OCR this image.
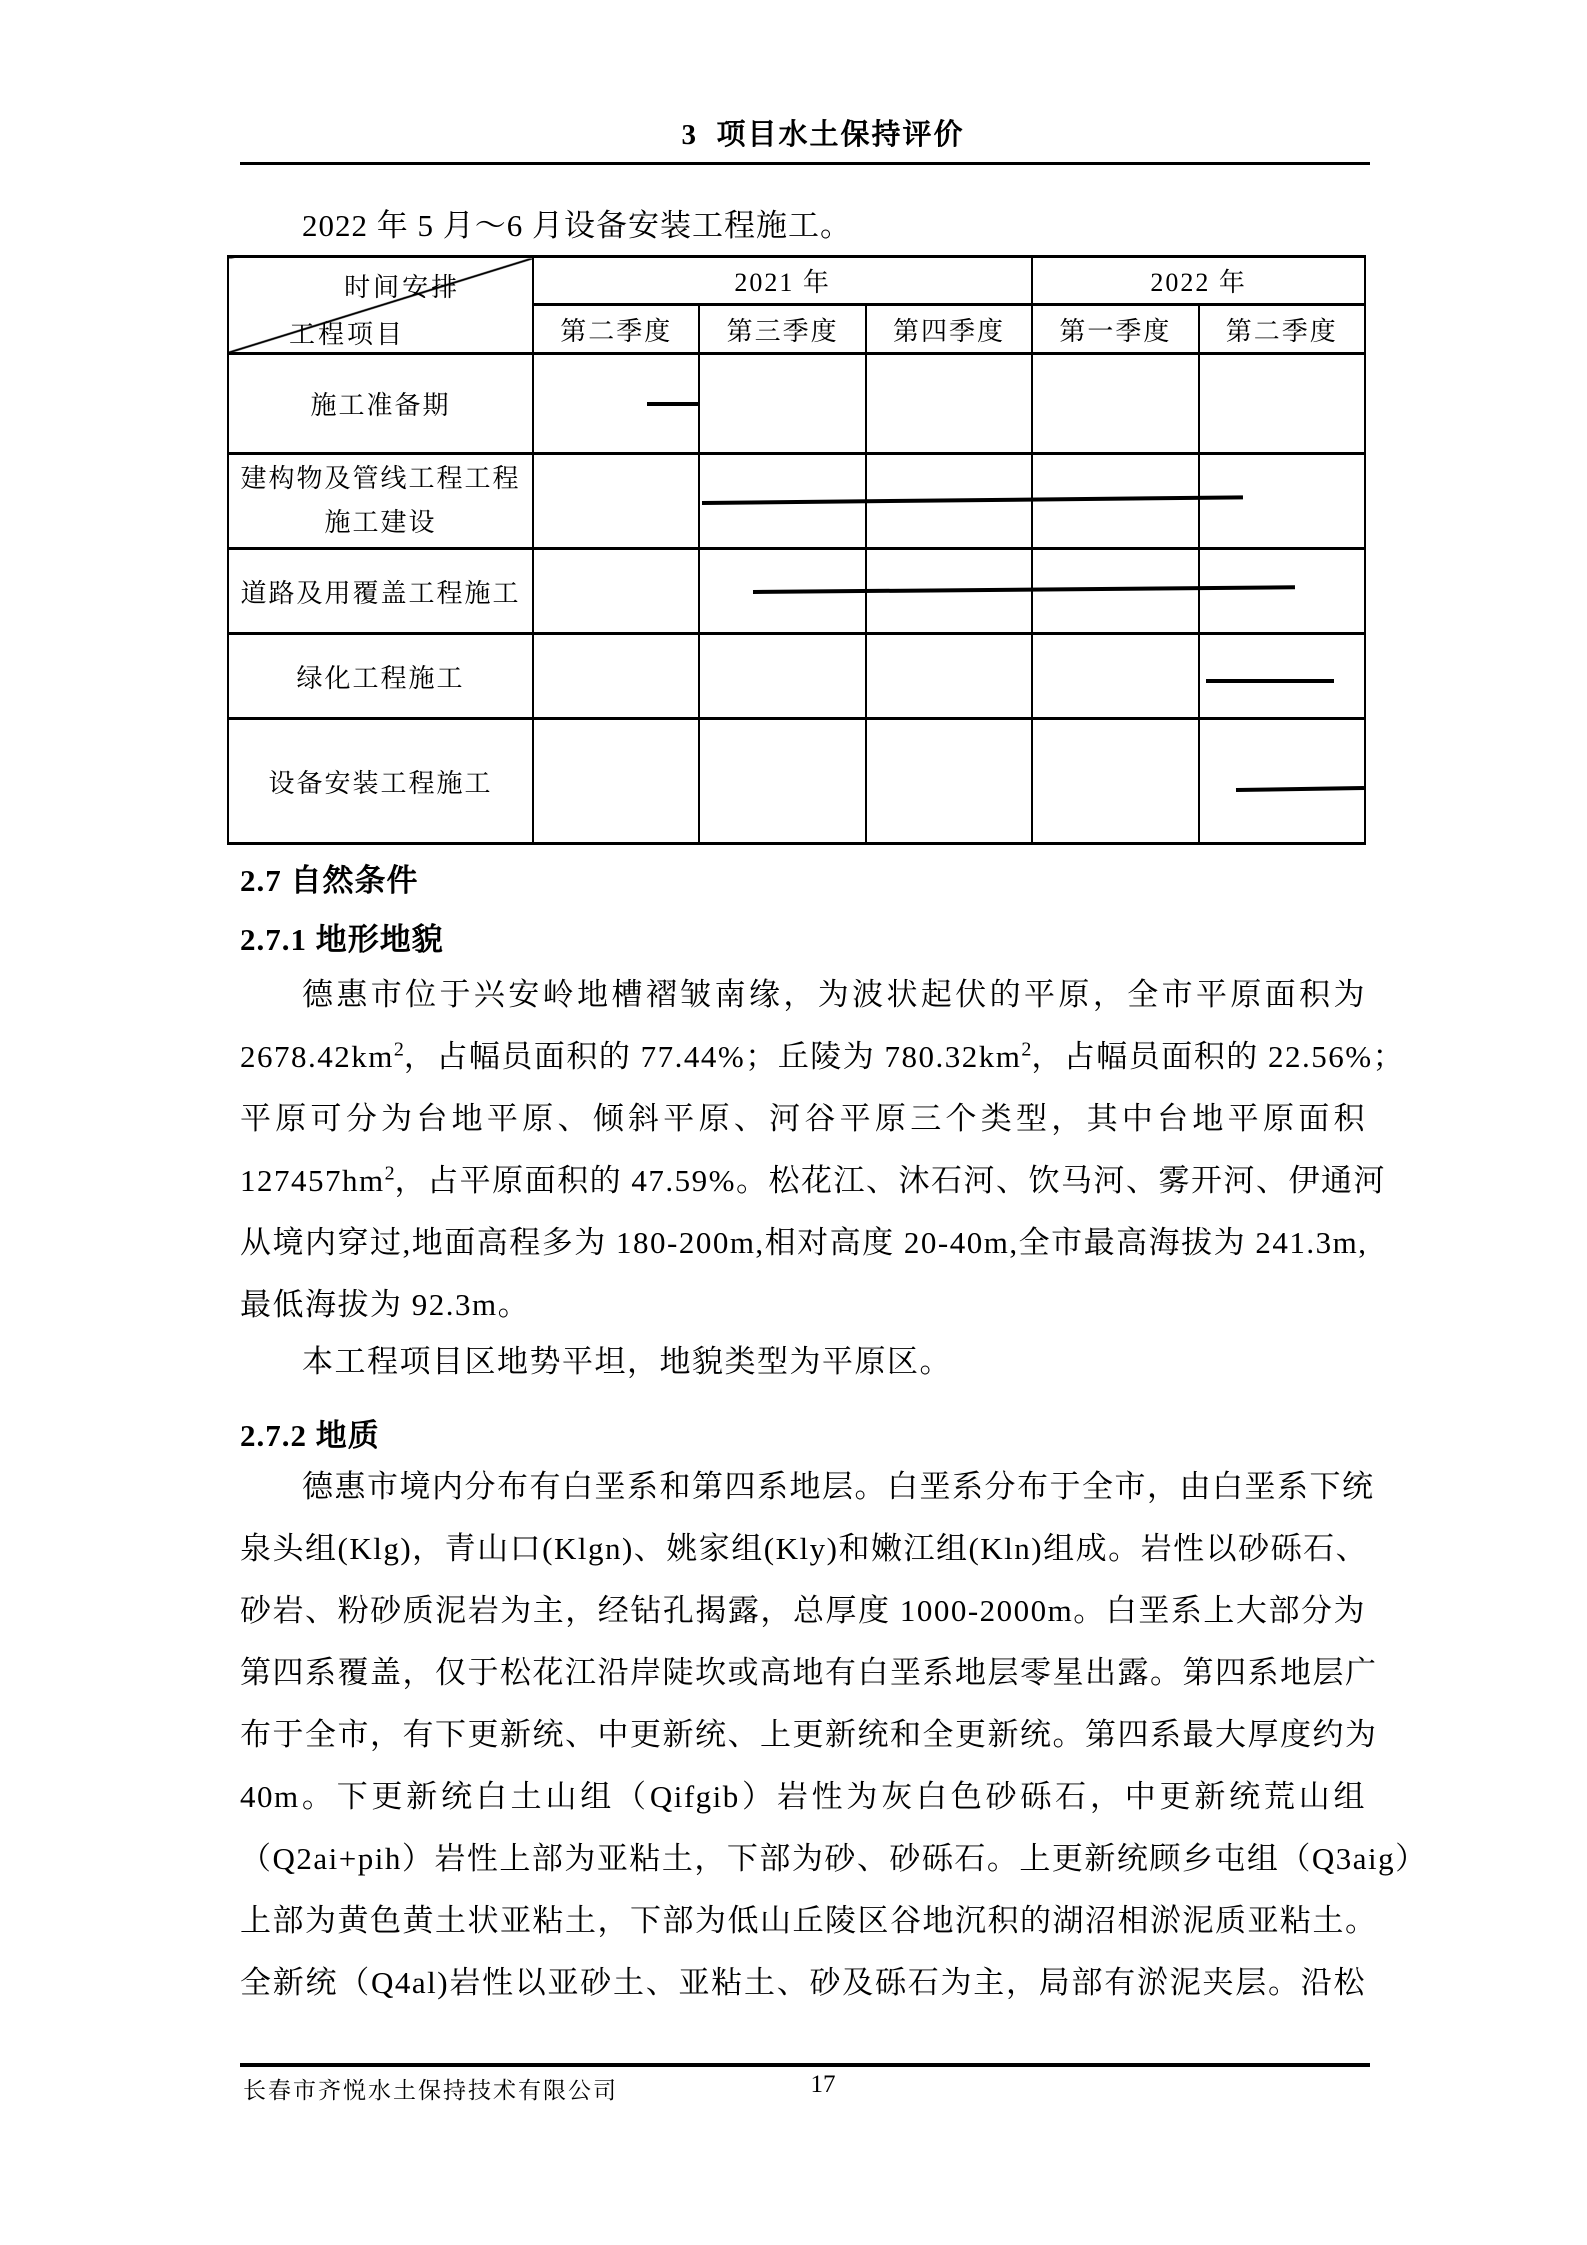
3  项目水土保持评价
2022 年 5 月～6 月设备安装工程施工。
时间安排
工程项目	2021 年			2022 年	
	第二季度	第三季度	第四季度	第一季度	第二季度
施工准备期					
建构物及管线工程工程施工建设					
道路及用覆盖工程施工					
绿化工程施工					
设备安装工程施工					
2.7 自然条件
2.7.1 地形地貌
德惠市位于兴安岭地槽褶皱南缘，为波状起伏的平原，全市平原面积为
$2678.42km^2$，占幅员面积的 77.44%；丘陵为 $780.32km^2$，占幅员面积的 22.56%；
平原可分为台地平原、倾斜平原、河谷平原三个类型，其中台地平原面积
$127457hm^2$，占平原面积的 47.59%。松花江、沐石河、饮马河、雾开河、伊通河
从境内穿过,地面高程多为 180-200m,相对高度 20-40m,全市最高海拔为 241.3m,
最低海拔为 92.3m。
本工程项目区地势平坦，地貌类型为平原区。
2.7.2 地质
德惠市境内分布有白垩系和第四系地层。白垩系分布于全市，由白垩系下统
泉头组(Klg)，青山口(Klgn)、姚家组(Kly)和嫩江组(Kln)组成。岩性以砂砾石、
砂岩、粉砂质泥岩为主，经钻孔揭露，总厚度 1000-2000m。白垩系上大部分为
第四系覆盖，仅于松花江沿岸陡坎或高地有白垩系地层零星出露。第四系地层广
布于全市，有下更新统、中更新统、上更新统和全更新统。第四系最大厚度约为
40m。下更新统白土山组（Qifgib）岩性为灰白色砂砾石，中更新统荒山组
（Q2ai+pih）岩性上部为亚粘土，下部为砂、砂砾石。上更新统顾乡屯组（Q3aig）
上部为黄色黄土状亚粘土，下部为低山丘陵区谷地沉积的湖沼相淤泥质亚粘土。
全新统（Q4al)岩性以亚砂土、亚粘土、砂及砾石为主，局部有淤泥夹层。沿松
长春市齐悦水土保持技术有限公司	17
